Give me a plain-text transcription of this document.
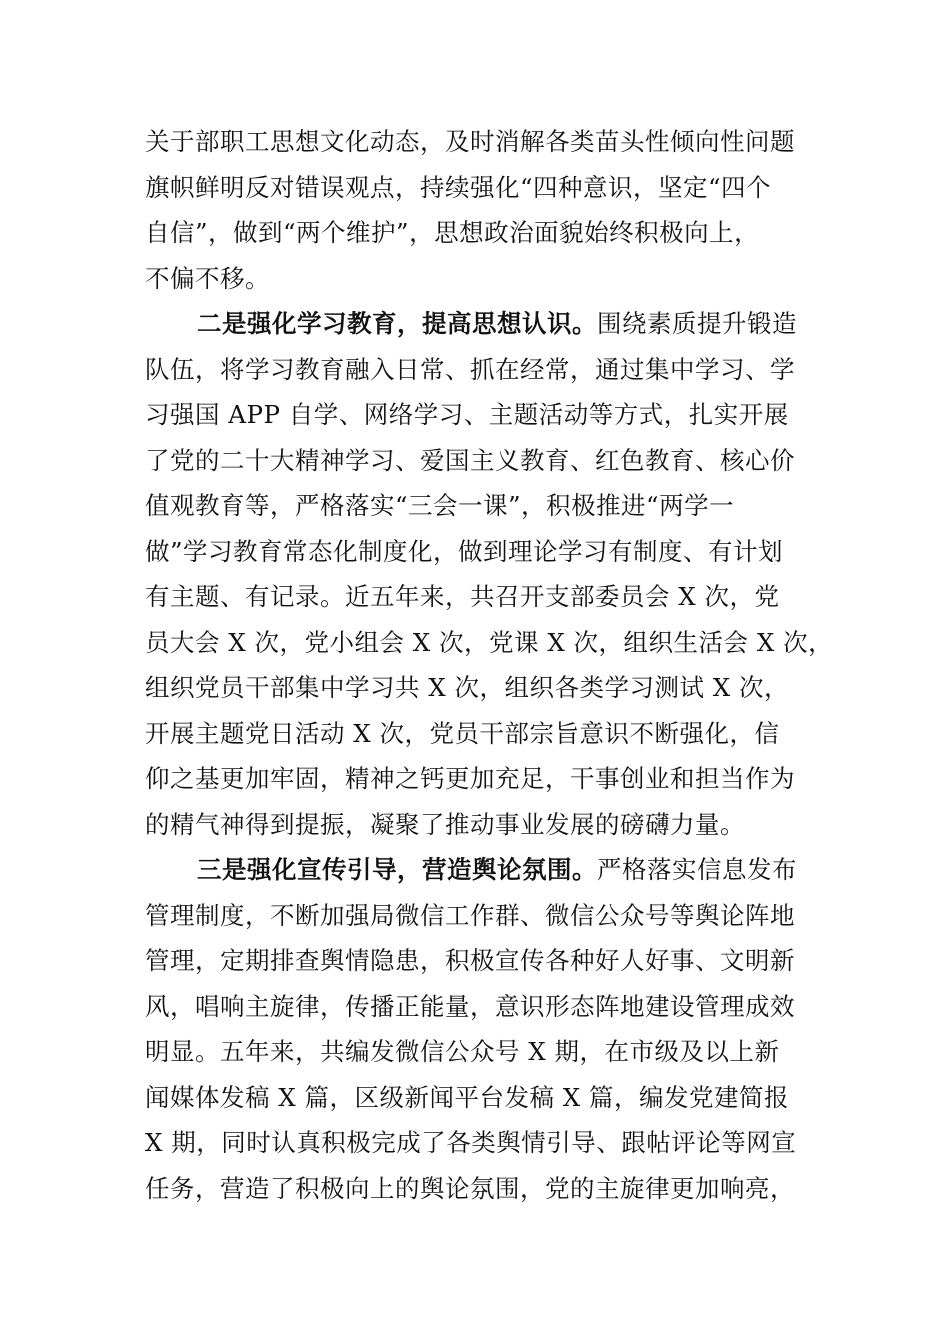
关于部职工思想文化动态，及时消解各类苗头性倾向性问题
旗帜鲜明反对错误观点，持续强化“四种意识，坚定“四个
自信”，做到“两个维护”，思想政治面貌始终积极向上，
不偏不移。
二是强化学习教育，提高思想认识。围绕素质提升锻造
队伍，将学习教育融入日常、抓在经常，通过集中学习、学
习强国 APP 自学、网络学习、主题活动等方式，扎实开展
了党的二十大精神学习、爱国主义教育、红色教育、核心价
值观教育等，严格落实“三会一课”，积极推进“两学一
做”学习教育常态化制度化，做到理论学习有制度、有计划
有主题、有记录。近五年来，共召开支部委员会 X 次，党
员大会 X 次，党小组会 X 次，党课 X 次，组织生活会 X 次，
组织党员干部集中学习共 X 次，组织各类学习测试 X 次，
开展主题党日活动 X 次，党员干部宗旨意识不断强化，信
仰之基更加牢固，精神之钙更加充足，干事创业和担当作为
的精气神得到提振，凝聚了推动事业发展的磅礴力量。
三是强化宣传引导，营造舆论氛围。严格落实信息发布
管理制度，不断加强局微信工作群、微信公众号等舆论阵地
管理，定期排查舆情隐患，积极宣传各种好人好事、文明新
风，唱响主旋律，传播正能量，意识形态阵地建设管理成效
明显。五年来，共编发微信公众号 X 期，在市级及以上新
闻媒体发稿 X 篇，区级新闻平台发稿 X 篇，编发党建简报
X 期，同时认真积极完成了各类舆情引导、跟帖评论等网宣
任务，营造了积极向上的舆论氛围，党的主旋律更加响亮，
